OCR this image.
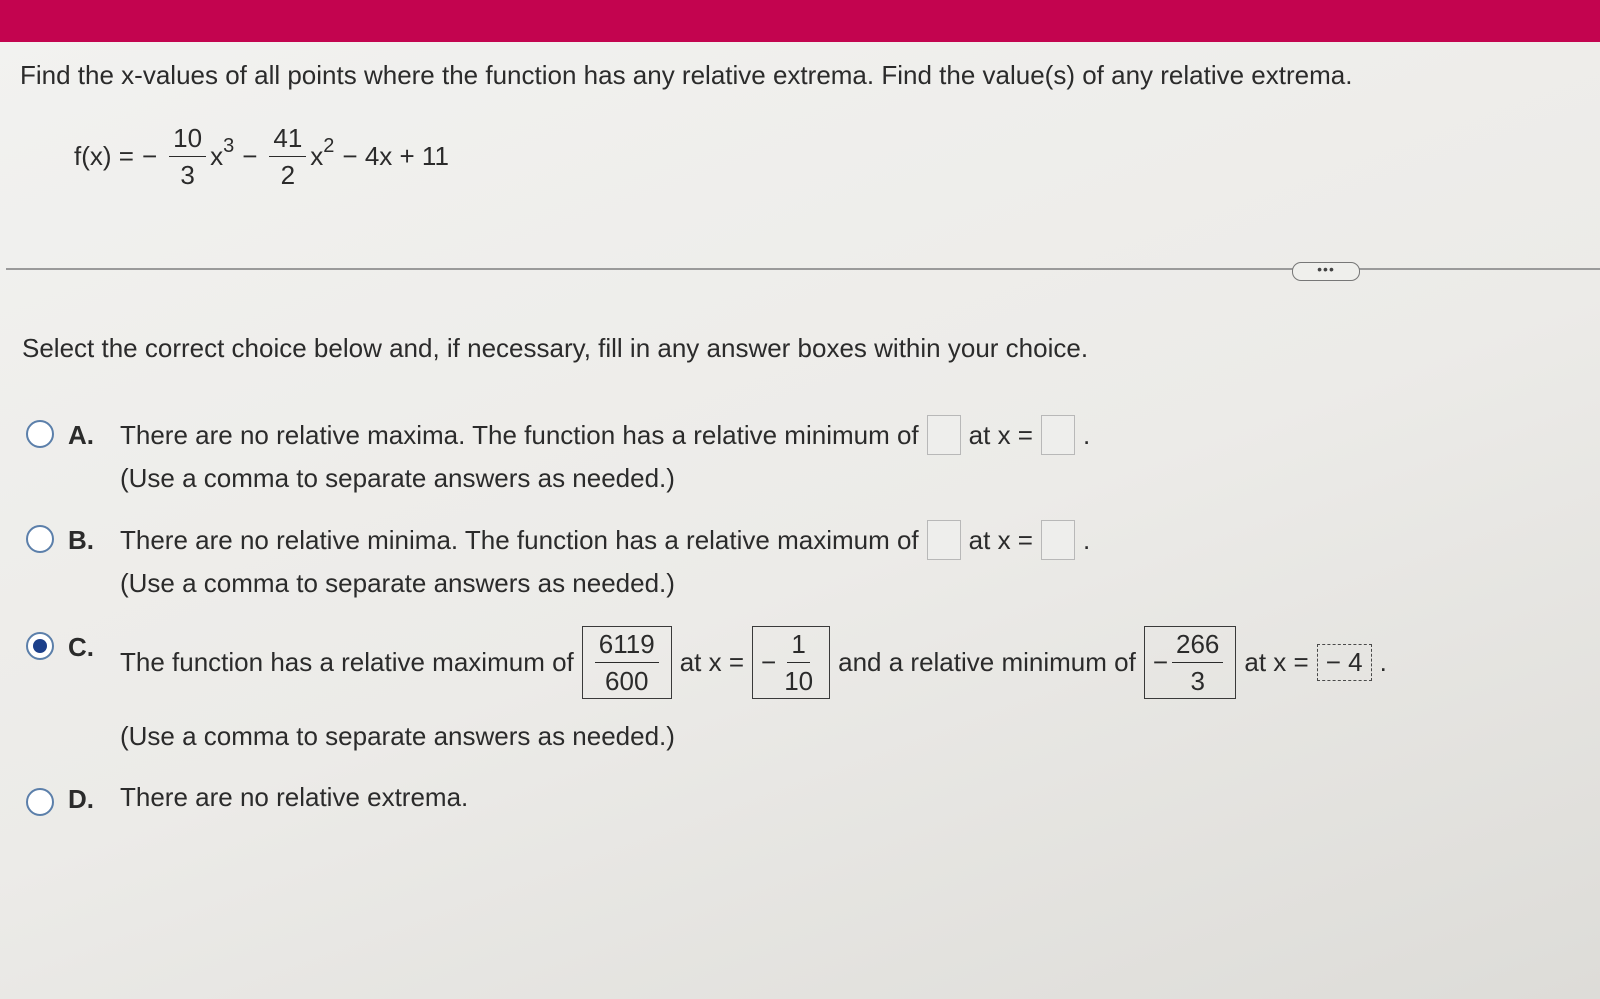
Find the x-values of all points where the function has any relative extrema. Find the value(s) of any relative extrema.
f(x) = − $\frac{10}{3} x^3 - \frac{41}{2} x^2 - 4x + 11$
•••
Select the correct choice below and, if necessary, fill in any answer boxes within your choice.
A. There are no relative maxima. The function has a relative minimum of at x = .
(Use a comma to separate answers as needed.)
B. There are no relative minima. The function has a relative maximum of at x = .
(Use a comma to separate answers as needed.)
C. The function has a relative maximum of $\frac{6119}{600}$ at x = − $\frac{1}{10}$ and a relative minimum of − $\frac{266}{3}$ at x = − 4 .
(Use a comma to separate answers as needed.)
D. There are no relative extrema.
